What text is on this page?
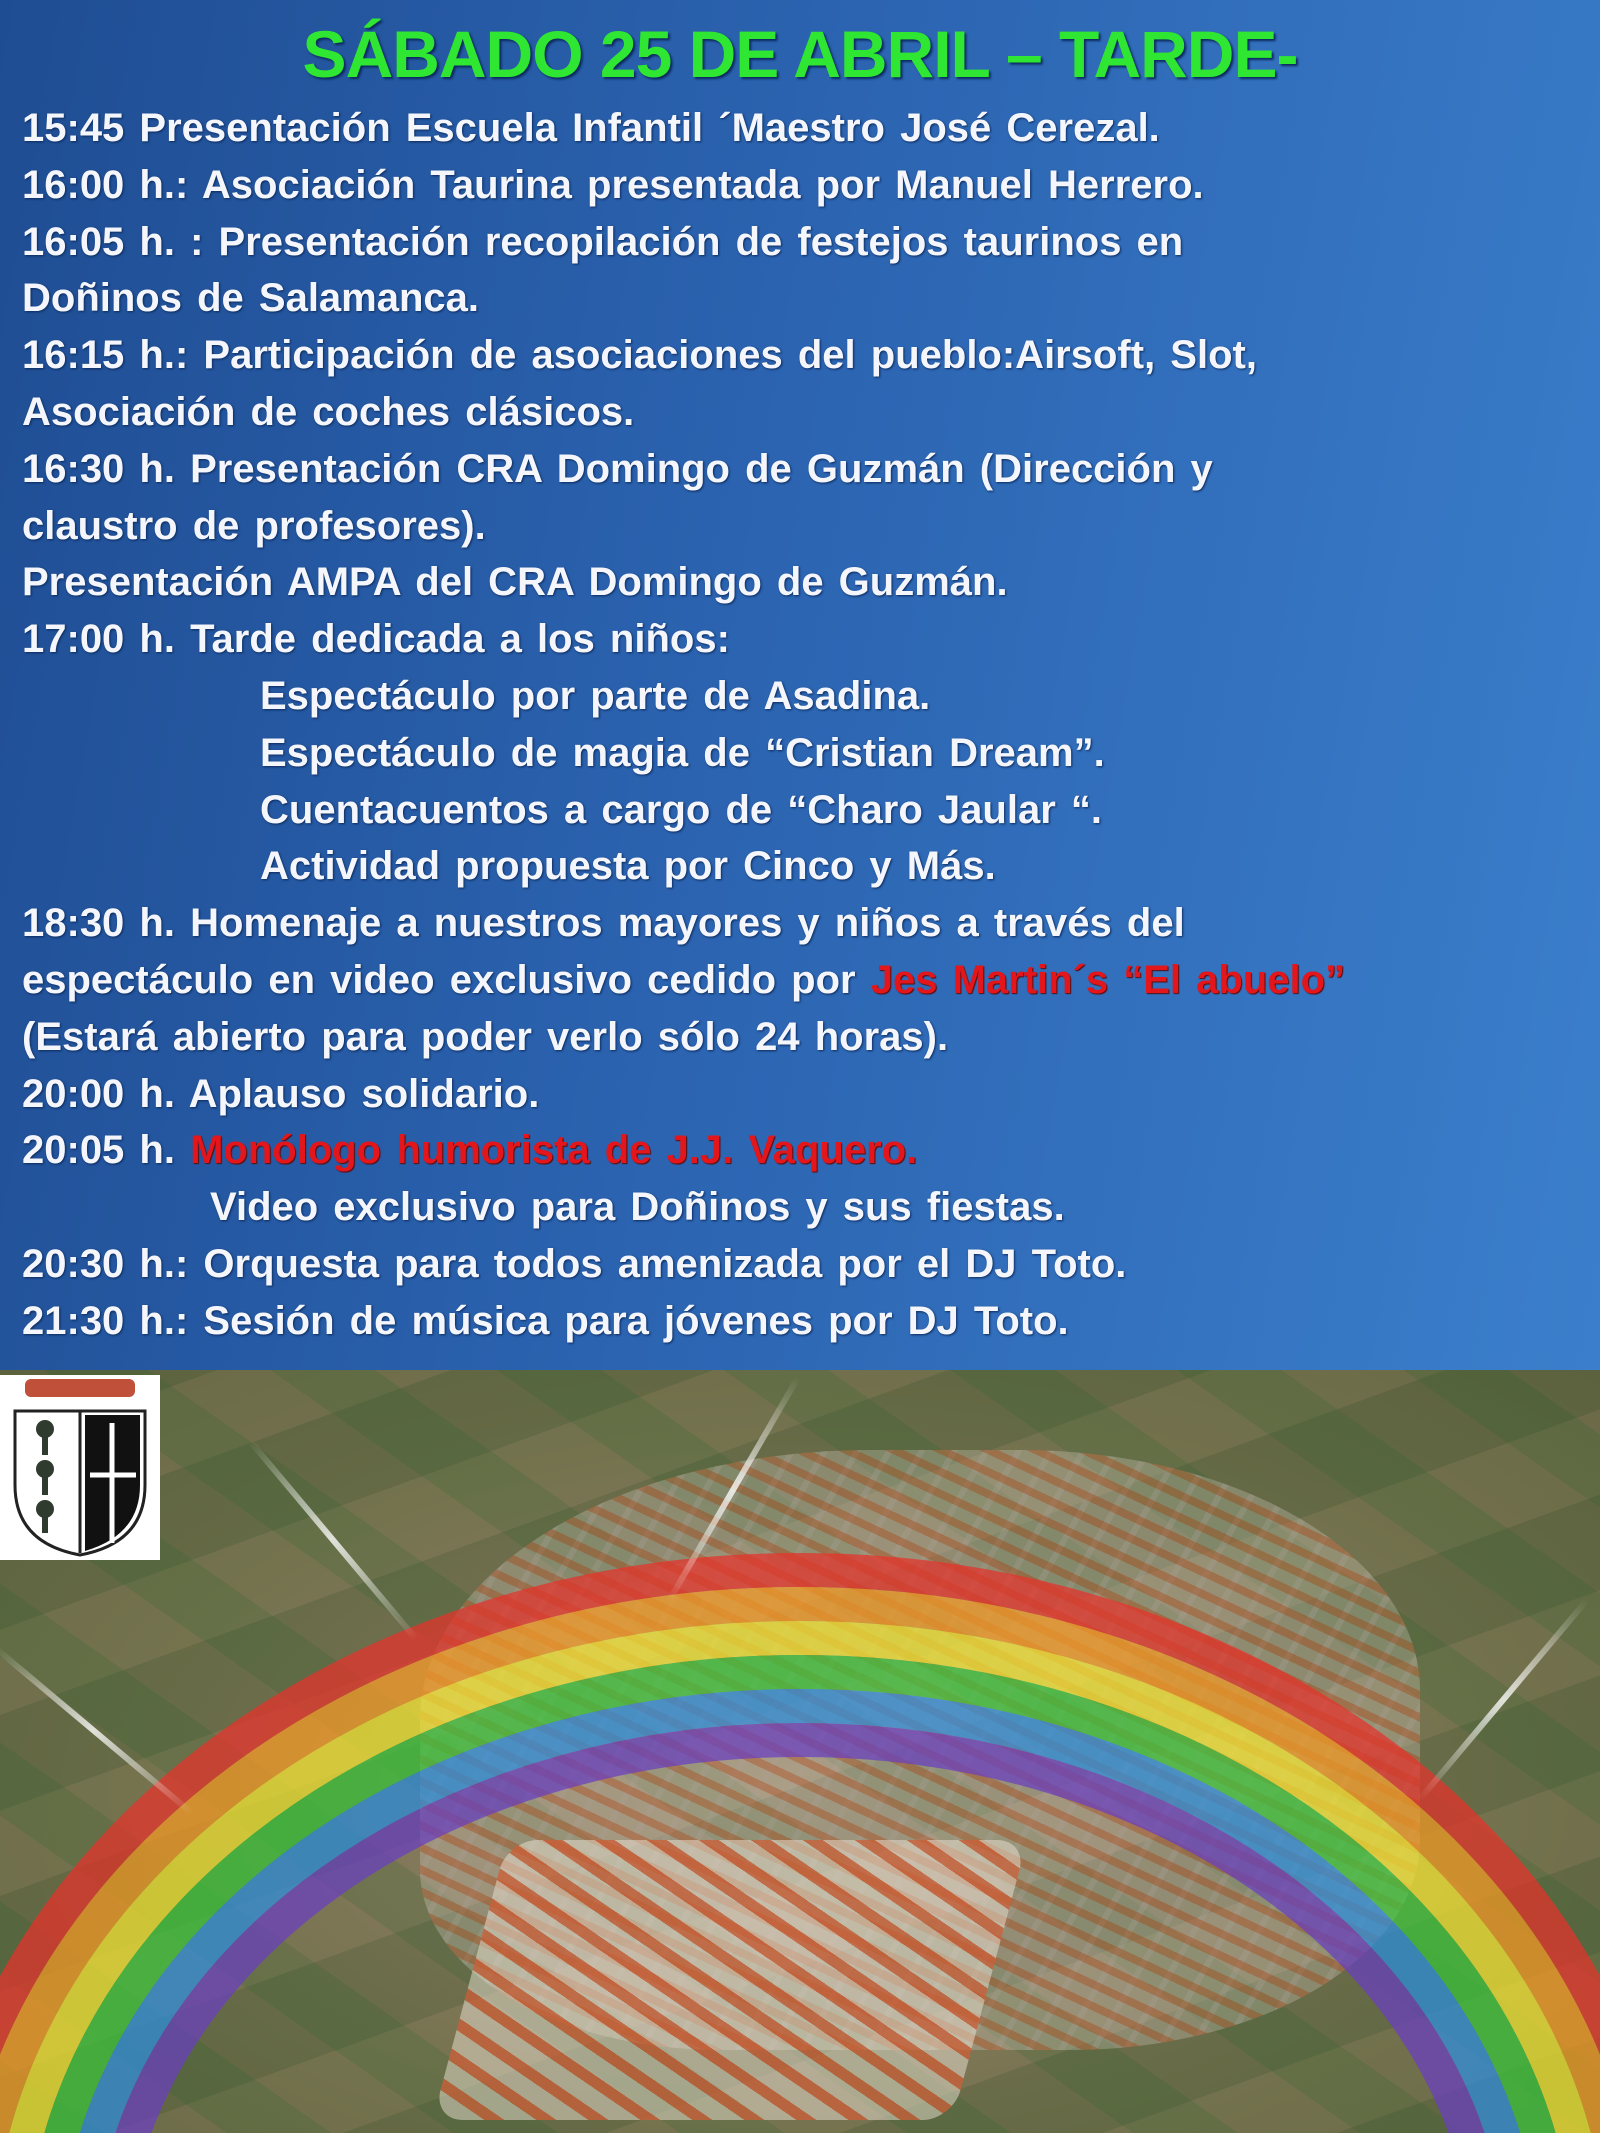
SÁBADO 25 DE ABRIL – TARDE-
15:45 Presentación Escuela Infantil ´Maestro José Cerezal.
16:00 h.: Asociación Taurina presentada por Manuel Herrero.
16:05 h. : Presentación recopilación de festejos taurinos en
Doñinos de Salamanca.
16:15 h.: Participación de asociaciones del pueblo:Airsoft, Slot,
Asociación de coches clásicos.
16:30 h. Presentación CRA Domingo de Guzmán (Dirección y
claustro de profesores).
Presentación AMPA del CRA Domingo de Guzmán.
17:00 h. Tarde dedicada a los niños:
Espectáculo por parte de Asadina.
Espectáculo de magia de “Cristian Dream”.
Cuentacuentos a cargo de “Charo Jaular “.
Actividad propuesta por Cinco y Más.
18:30 h. Homenaje a nuestros mayores y niños a través del
espectáculo en video exclusivo cedido por Jes Martin´s “El abuelo”
(Estará abierto para poder verlo sólo 24 horas).
20:00 h. Aplauso solidario.
20:05 h. Monólogo humorista de J.J. Vaquero.
Video exclusivo para Doñinos y sus fiestas.
20:30 h.: Orquesta para todos amenizada por el DJ Toto.
21:30 h.: Sesión de música para jóvenes por DJ Toto.
